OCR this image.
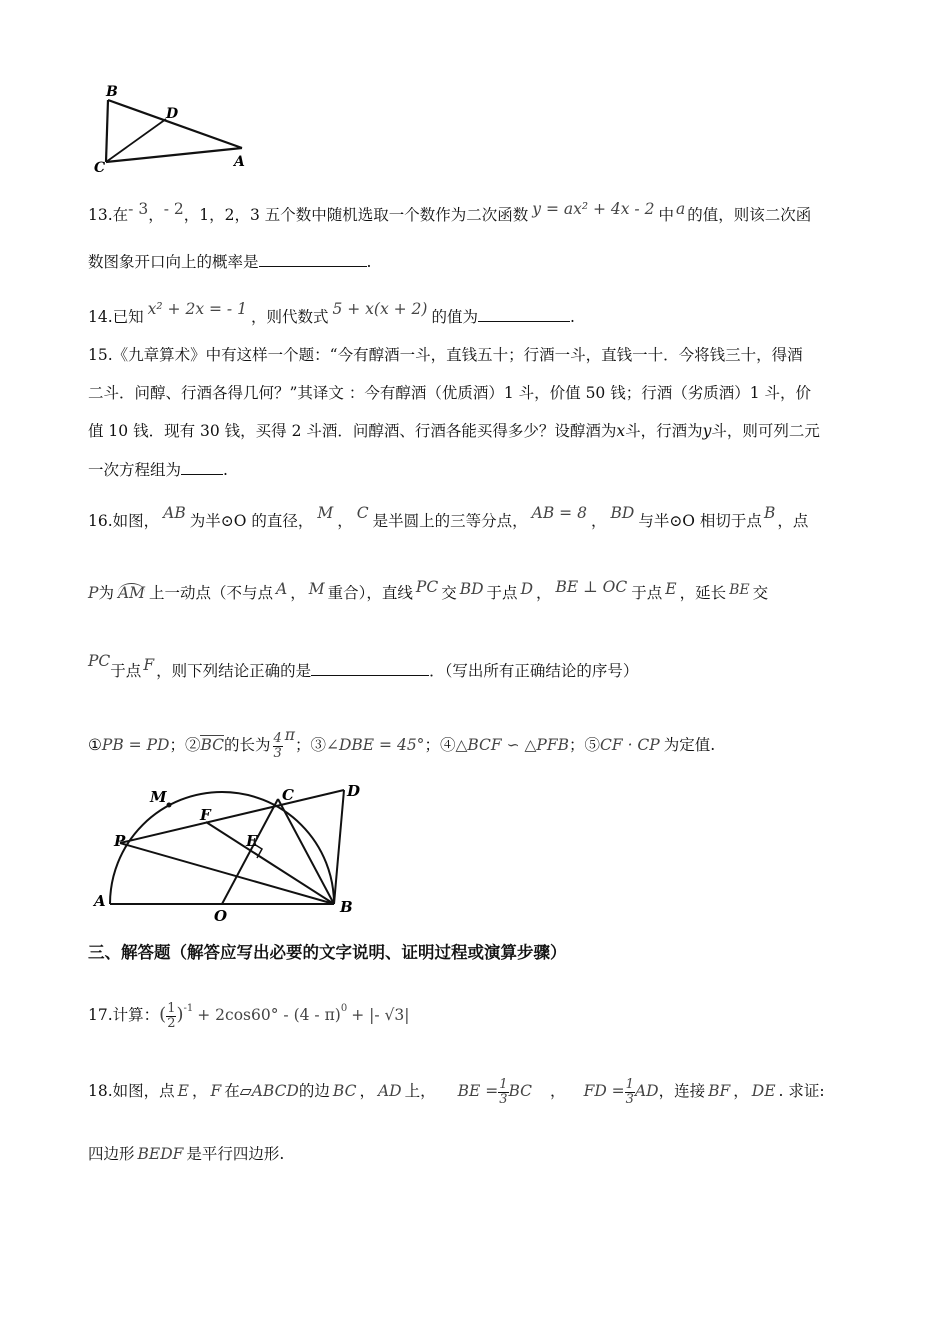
B
D
C	A
13.在- 3，- 2，1，2，3 五个数中随机选取一个数作为二次函数 y = ax² + 4x - 2 中 a 的值，则该二次函
数图象开口向上的概率是	.
14.已知 x² + 2x = - 1 ，则代数式 5 + x(x + 2) 的值为	.
15.《九章算术》中有这样一个题：“今有醇酒一斗，直钱五十；行酒一斗，直钱一十．今将钱三十，得酒
二斗．问醇、行酒各得几何？”其译文 ：今有醇酒（优质酒）1 斗，价值 50 钱；行酒（劣质酒）1 斗，价
值 10 钱．现有 30 钱，买得 2 斗酒．问醇酒、行酒各能买得多少？设醇酒为x斗，行酒为y斗，则可列二元
一次方程组为	.
16.如图， AB 为半⊙O 的直径， M ， C 是半圆上的三等分点， AB = 8 ， BD 与半⊙O 相切于点 B ，点
P为 AM 上一动点（不与点 A ， M 重合），直线 PC 交 BD 于点 D ， BE ⊥ OC 于点 E ，延长 BE 交
PC于点 F ，则下列结论正确的是	．（写出所有正确结论的序号）
①PB = PD；②BC的长为 $\frac{4}{3}$ π；③∠DBE = 45°；④△BCF ∽ △PFB；⑤CF · CP 为定值.
M	C	D
F
P	E
A
O	B
三、解答题（解答应写出必要的文字说明、证明过程或演算步骤）
17.计算：( $\frac{1}{2} )^{-1} + 2\cos 60^\circ - (4 - \pi)^0$ + |- √3|
18.如图，点 E ， F 在▱ABCD的边 BC ， AD 上， BE = $\frac{1}{3}$ BC ， FD = $\frac{1}{3}$ AD，连接 BF ， DE . 求证:
四边形 BEDF 是平行四边形.
